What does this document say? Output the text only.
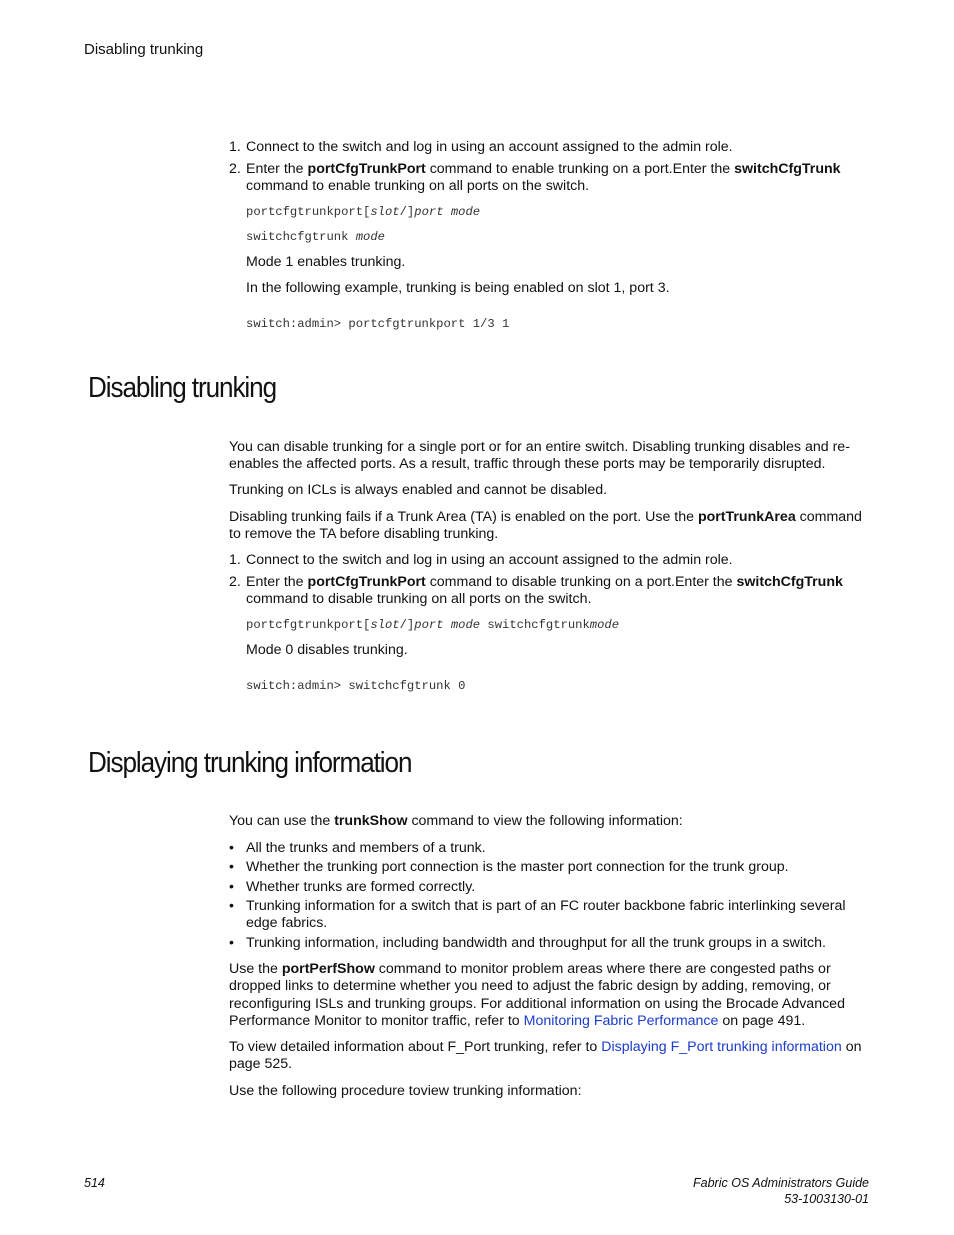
Disabling trunking
1. Connect to the switch and log in using an account assigned to the admin role.
2. Enter the portCfgTrunkPort command to enable trunking on a port.Enter the switchCfgTrunk
command to enable trunking on all ports on the switch.
portcfgtrunkport[slot/]port mode
switchcfgtrunk mode
Mode 1 enables trunking.
In the following example, trunking is being enabled on slot 1, port 3.
switch:admin> portcfgtrunkport 1/3 1
Disabling trunking
You can disable trunking for a single port or for an entire switch. Disabling trunking disables and re-
enables the affected ports. As a result, traffic through these ports may be temporarily disrupted.
Trunking on ICLs is always enabled and cannot be disabled.
Disabling trunking fails if a Trunk Area (TA) is enabled on the port. Use the portTrunkArea command
to remove the TA before disabling trunking.
1. Connect to the switch and log in using an account assigned to the admin role.
2. Enter the portCfgTrunkPort command to disable trunking on a port.Enter the switchCfgTrunk
command to disable trunking on all ports on the switch.
portcfgtrunkport[slot/]port mode switchcfgtrunkmode
Mode 0 disables trunking.
switch:admin> switchcfgtrunk 0
Displaying trunking information
You can use the trunkShow command to view the following information:
• All the trunks and members of a trunk.
• Whether the trunking port connection is the master port connection for the trunk group.
• Whether trunks are formed correctly.
• Trunking information for a switch that is part of an FC router backbone fabric interlinking several
edge fabrics.
• Trunking information, including bandwidth and throughput for all the trunk groups in a switch.
Use the portPerfShow command to monitor problem areas where there are congested paths or
dropped links to determine whether you need to adjust the fabric design by adding, removing, or
reconfiguring ISLs and trunking groups. For additional information on using the Brocade Advanced
Performance Monitor to monitor traffic, refer to Monitoring Fabric Performance on page 491.
To view detailed information about F_Port trunking, refer to Displaying F_Port trunking information on
page 525.
Use the following procedure toview trunking information:
514	Fabric OS Administrators Guide
53-1003130-01
